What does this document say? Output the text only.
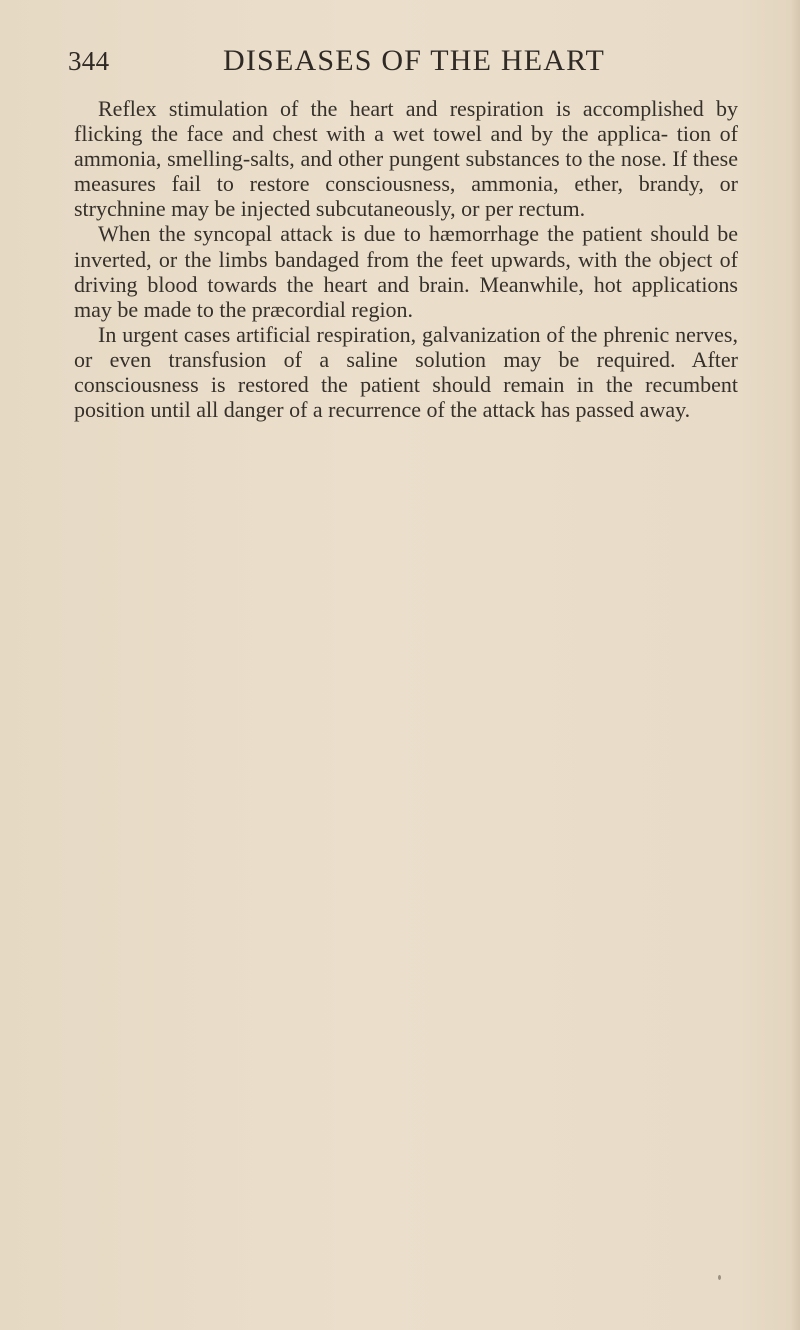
344	DISEASES OF THE HEART

Reflex stimulation of the heart and respiration is accomplished by flicking the face and chest with a wet towel and by the applica- tion of ammonia, smelling-salts, and other pungent substances to the nose. If these measures fail to restore consciousness, ammonia, ether, brandy, or strychnine may be injected subcutaneously, or per rectum.

When the syncopal attack is due to hæmorrhage the patient should be inverted, or the limbs bandaged from the feet upwards, with the object of driving blood towards the heart and brain. Meanwhile, hot applications may be made to the præcordial region.

In urgent cases artificial respiration, galvanization of the phrenic nerves, or even transfusion of a saline solution may be required. After consciousness is restored the patient should remain in the recumbent position until all danger of a recurrence of the attack has passed away.
